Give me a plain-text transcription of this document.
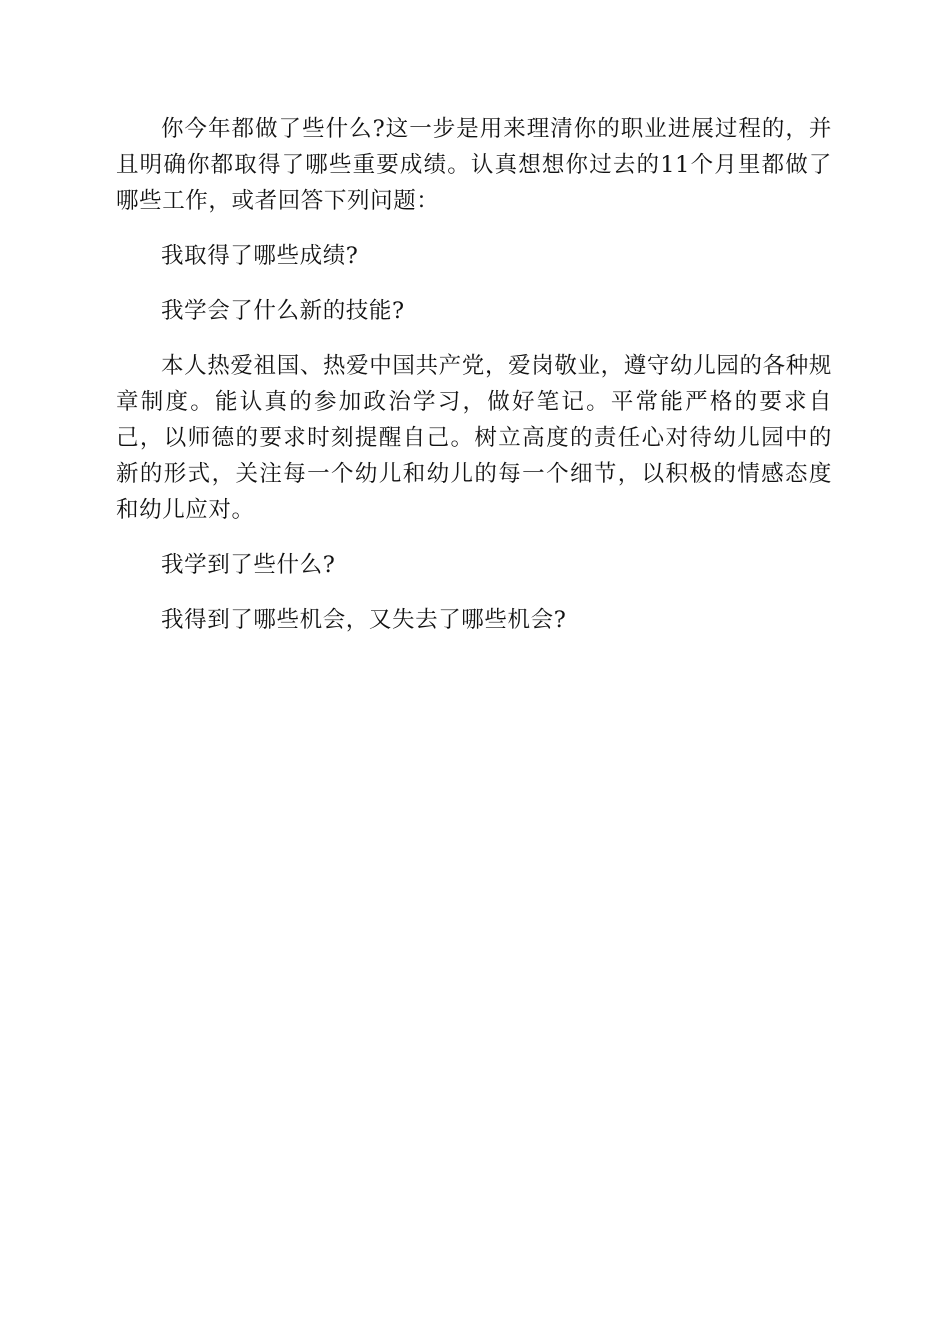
你今年都做了些什么?这一步是用来理清你的职业进展过程的，并且明确你都取得了哪些重要成绩。认真想想你过去的11个月里都做了哪些工作，或者回答下列问题：

我取得了哪些成绩?

我学会了什么新的技能?

本人热爱祖国、热爱中国共产党，爱岗敬业，遵守幼儿园的各种规章制度。能认真的参加政治学习，做好笔记。平常能严格的要求自己，以师德的要求时刻提醒自己。树立高度的责任心对待幼儿园中的新的形式，关注每一个幼儿和幼儿的每一个细节，以积极的情感态度和幼儿应对。

我学到了些什么?

我得到了哪些机会，又失去了哪些机会?
